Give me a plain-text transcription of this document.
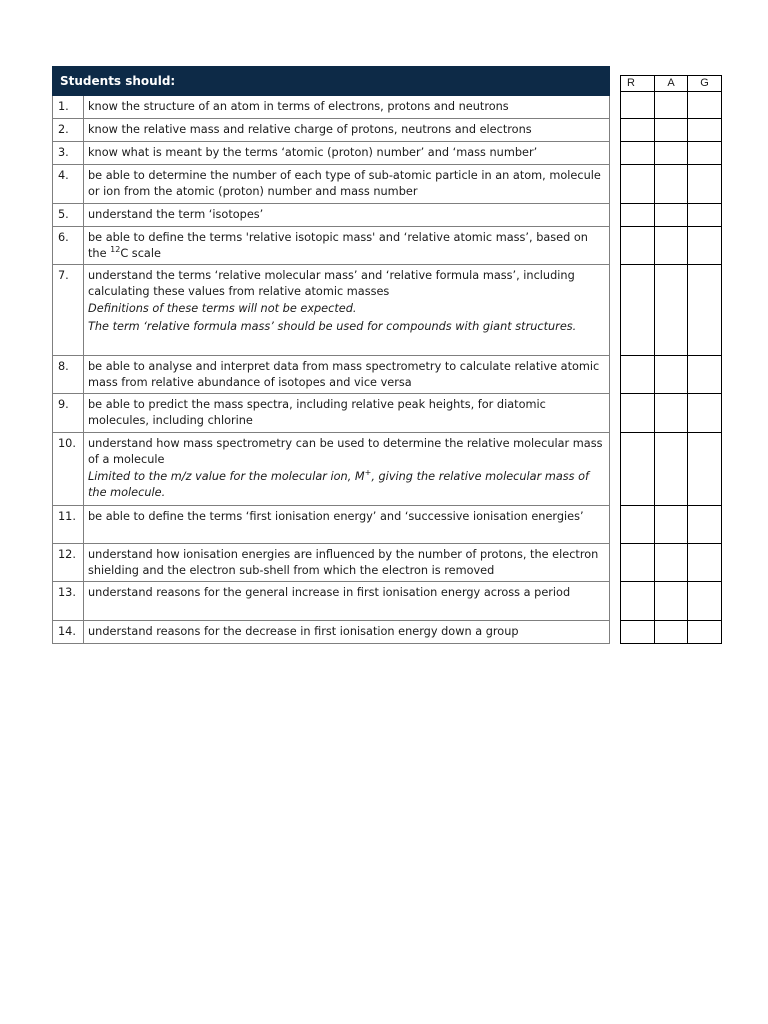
Students should:	
1.	know the structure of an atom in terms of electrons, protons and neutrons
2.	know the relative mass and relative charge of protons, neutrons and electrons
3.	know what is meant by the terms ‘atomic (proton) number’ and ‘mass number’
4.	be able to determine the number of each type of sub-atomic particle in an atom, molecule or ion from the atomic (proton) number and mass number
5.	understand the term ‘isotopes’
6.	be able to define the terms 'relative isotopic mass' and ‘relative atomic mass’, based on the $^{12}$C scale
7.	understand the terms ‘relative molecular mass’ and ‘relative formula mass’, including calculating these values from relative atomic masses
Definitions of these terms will not be expected.
The term ‘relative formula mass’ should be used for compounds with giant structures.

8.	be able to analyse and interpret data from mass spectrometry to calculate relative atomic mass from relative abundance of isotopes and vice versa
9.	be able to predict the mass spectra, including relative peak heights, for diatomic molecules, including chlorine
10.	understand how mass spectrometry can be used to determine the relative molecular mass of a molecule
Limited to the m/z value for the molecular ion, M+, giving the relative molecular mass of the molecule.

11.	be able to define the terms ‘first ionisation energy’ and ‘successive ionisation energies’
12.	understand how ionisation energies are influenced by the number of protons, the electron shielding and the electron sub-shell from which the electron is removed
13.	understand reasons for the general increase in first ionisation energy across a period
14.	understand reasons for the decrease in first ionisation energy down a group
R	A	G
